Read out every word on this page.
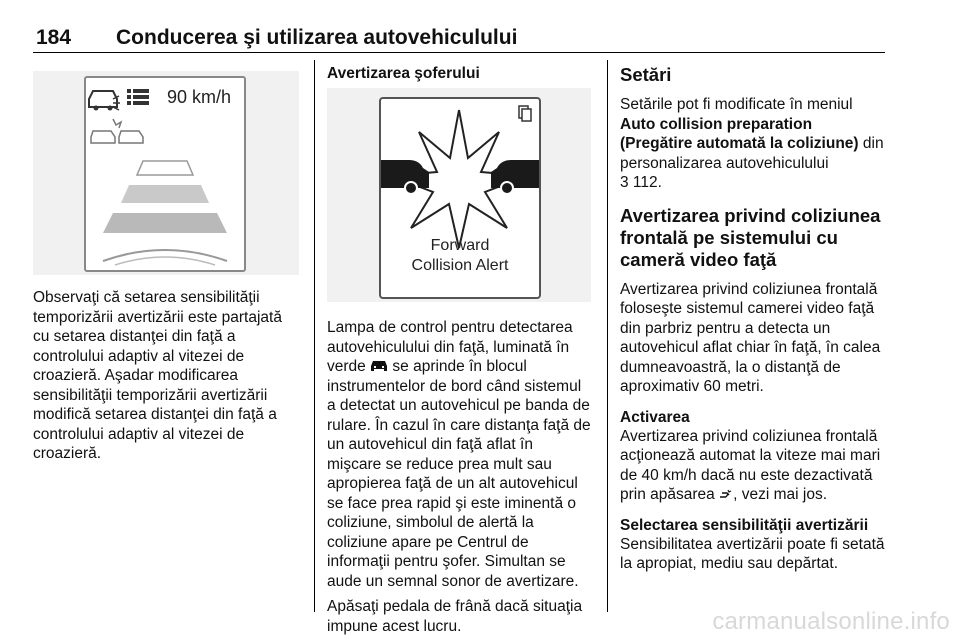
184 Conducerea şi utilizarea autovehiculului
90 km/h

Observaţi că setarea sensibilităţii temporizării avertizării este partajată cu setarea distanţei din faţă a controlului adaptiv al vitezei de croazieră. Aşadar modificarea sensibilităţii temporizării avertizării modifică setarea distanţei din faţă a controlului adaptiv al vitezei de croazieră.

Avertizarea şoferului

Forward
Collision Alert

Lampa de control pentru detectarea autovehiculului din faţă, luminată în verde se aprinde în blocul instrumentelor de bord când sistemul a detectat un autovehicul pe banda de rulare. În cazul în care distanţa faţă de un autovehicul din faţă aflat în mişcare se reduce prea mult sau apropierea faţă de un alt autovehicul se face prea rapid şi este iminentă o coliziune, simbolul de alertă la coliziune apare pe Centrul de informaţii pentru şofer. Simultan se aude un semnal sonor de avertizare.

Apăsaţi pedala de frână dacă situaţia impune acest lucru.

Setări

Setările pot fi modificate în meniul Auto collision preparation (Pregătire automată la coliziune) din personalizarea autovehiculului
3 112.

Avertizarea privind coliziunea frontală pe sistemului cu cameră video faţă

Avertizarea privind coliziunea frontală foloseşte sistemul camerei video faţă din parbriz pentru a detecta un autovehicul aflat chiar în faţă, în calea dumneavoastră, la o distanţă de aproximativ 60 metri.

Activarea

Avertizarea privind coliziunea frontală acţionează automat la viteze mai mari de 40 km/h dacă nu este dezactivată prin apăsarea , vezi mai jos.

Selectarea sensibilităţii avertizării

Sensibilitatea avertizării poate fi setată la apropiat, mediu sau depărtat.

carmanualsonline.info
